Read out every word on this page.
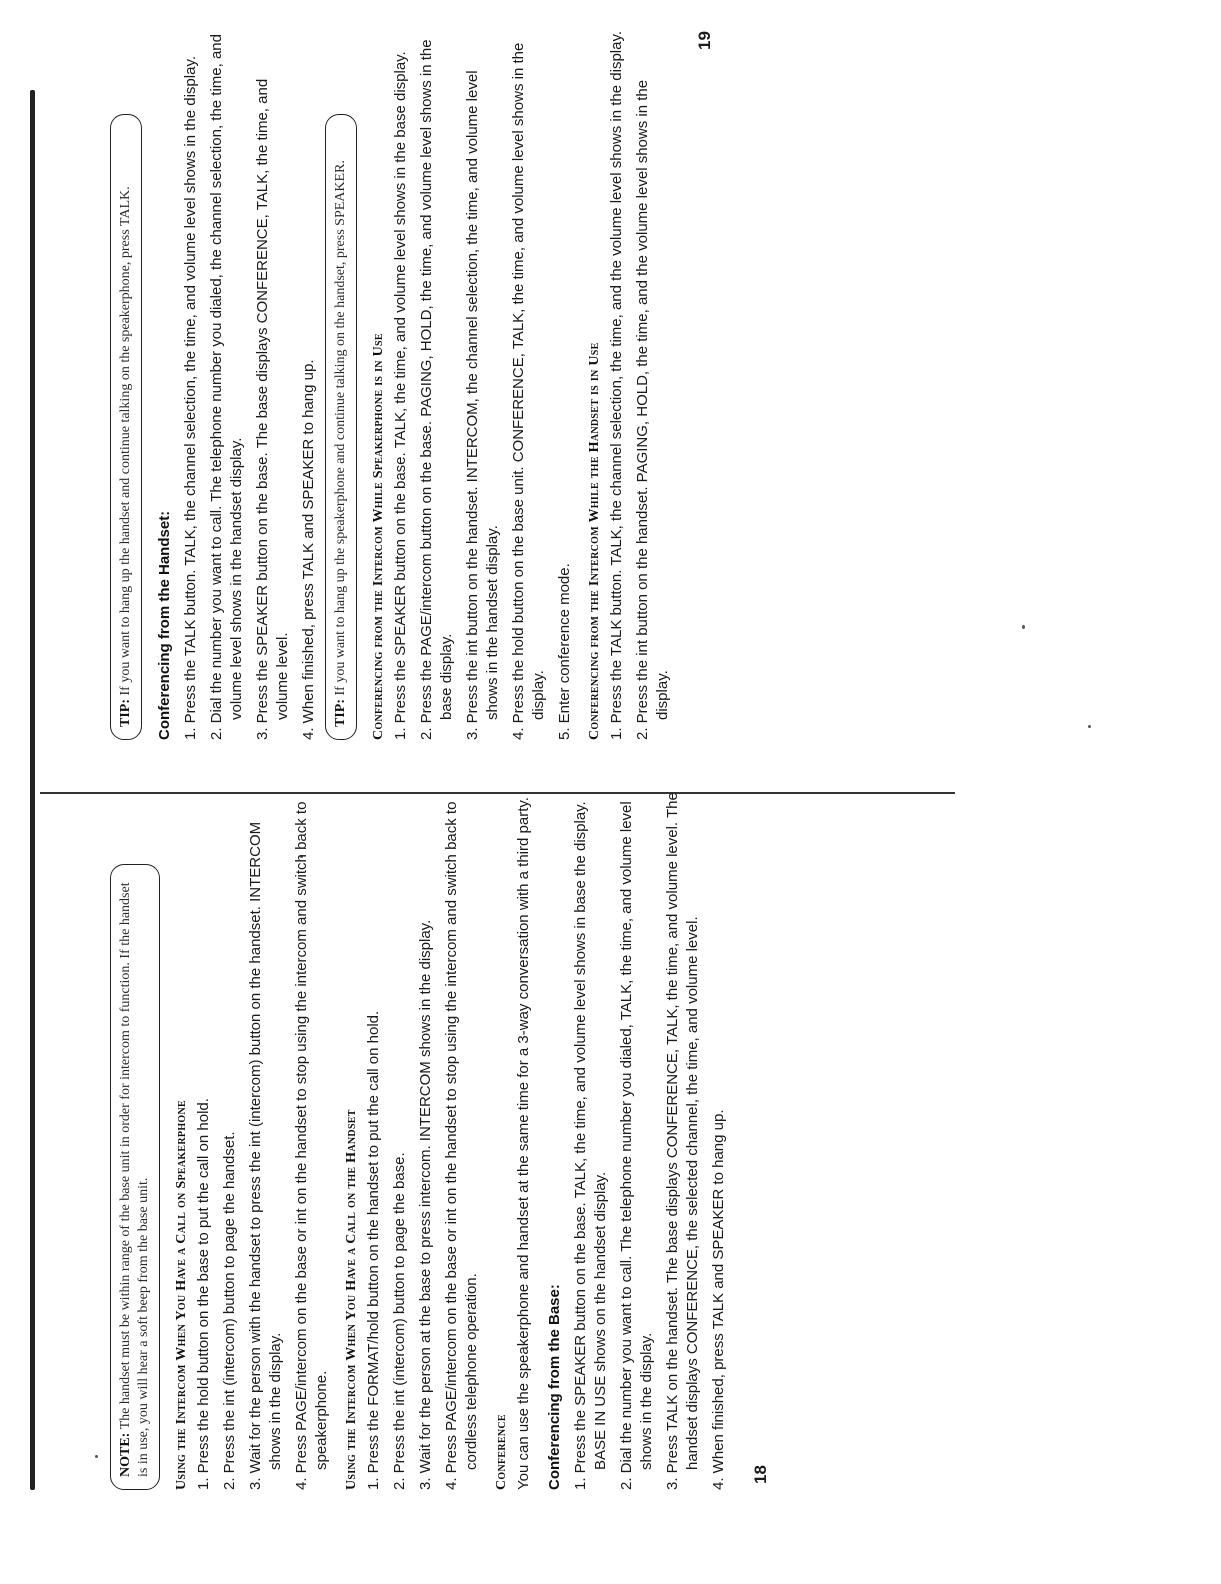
NOTE: The handset must be within range of the base unit in order for intercom to function. If the handset is in use, you will hear a soft beep from the base unit.	Using the Intercom When You Have a Call on Speakerphone 1. Press the hold button on the base to put the call on hold. 2. Press the int (intercom) button to page the handset. 3. Wait for the person with the handset to press the int (intercom) button on the handset. INTERCOM shows in the display. 4. Press PAGE/intercom on the base or int on the handset to stop using the intercom and switch back to speakerphone. Using the Intercom When You Have a Call on the Handset 1. Press the FORMAT/hold button on the handset to put the call on hold. 2. Press the int (intercom) button to page the base. 3. Wait for the person at the base to press intercom. INTERCOM shows in the display. 4. Press PAGE/intercom on the base or int on the handset to stop using the intercom and switch back to cordless telephone operation. Conference You can use the speakerphone and handset at the same time for a 3-way conversation with a third party. Conferencing from the Base: 1. Press the SPEAKER button on the base. TALK, the time, and volume level shows in base the display. BASE IN USE shows on the handset display. 2. Dial the number you want to call. The telephone number you dialed, TALK, the time, and volume level shows in the display. 3. Press TALK on the handset. The base displays CONFERENCE, TALK, the time, and volume level. The handset displays CONFERENCE, the selected channel, the time, and volume level. 4. When finished, press TALK and SPEAKER to hang up. 18
TIP: If you want to hang up the handset and continue talking on the speakerphone, press TALK.	Conferencing from the Handset: 1. Press the TALK button. TALK, the channel selection, the time, and volume level shows in the display. 2. Dial the number you want to call. The telephone number you dialed, the channel selection, the time, and volume level shows in the handset display. 3. Press the SPEAKER button on the base. The base displays CONFERENCE, TALK, the time, and volume level. 4. When finished, press TALK and SPEAKER to hang up.	TIP: If you want to hang up the speakerphone and continue talking on the handset, press SPEAKER.	Conferencing from the Intercom While Speakerphone is in Use 1. Press the SPEAKER button on the base. TALK, the time, and volume level shows in the base display. 2. Press the PAGE/intercom button on the base. PAGING, HOLD, the time, and volume level shows in the base display. 3. Press the int button on the handset. INTERCOM, the channel selection, the time, and volume level shows in the handset display. 4. Press the hold button on the base unit. CONFERENCE, TALK, the time, and volume level shows in the display. 5. Enter conference mode. Conferencing from the Intercom While the Handset is in Use 1. Press the TALK button. TALK, the channel selection, the time, and the volume level shows in the display. 2. Press the int button on the handset. PAGING, HOLD, the time, and the volume level shows in the display.
19
